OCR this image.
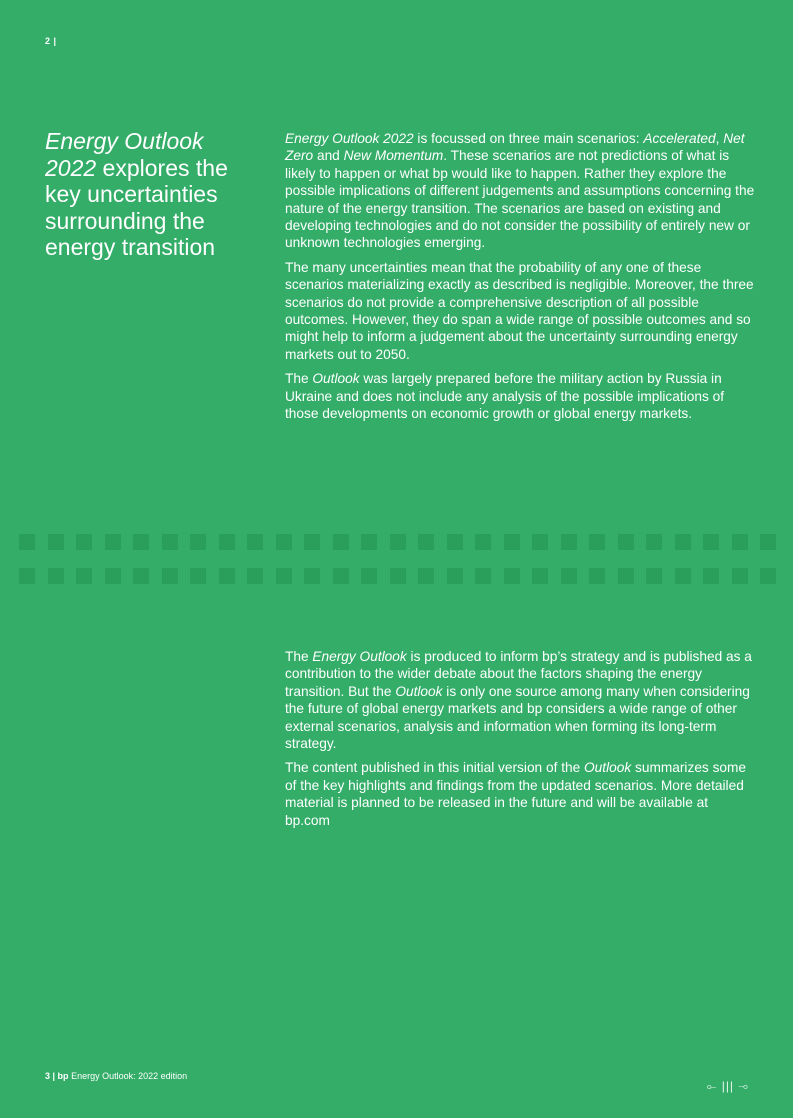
2 |
Energy Outlook 2022 explores the key uncertainties surrounding the energy transition

Energy Outlook 2022 is focussed on three main scenarios: Accelerated, Net Zero and New Momentum. These scenarios are not predictions of what is likely to happen or what bp would like to happen. Rather they explore the possible implications of different judgements and assumptions concerning the nature of the energy transition. The scenarios are based on existing and developing technologies and do not consider the possibility of entirely new or unknown technologies emerging.

The many uncertainties mean that the probability of any one of these scenarios materializing exactly as described is negligible. Moreover, the three scenarios do not provide a comprehensive description of all possible outcomes. However, they do span a wide range of possible outcomes and so might help to inform a judgement about the uncertainty surrounding energy markets out to 2050.

The Outlook was largely prepared before the military action by Russia in Ukraine and does not include any analysis of the possible implications of those developments on economic growth or global energy markets.

The Energy Outlook is produced to inform bp’s strategy and is published as a contribution to the wider debate about the factors shaping the energy transition. But the Outlook is only one source among many when considering the future of global energy markets and bp considers a wide range of other external scenarios, analysis and information when forming its long-term strategy.

The content published in this initial version of the Outlook summarizes some of the key highlights and findings from the updated scenarios. More detailed material is planned to be released in the future and will be available at bp.com

3 | bp Energy Outlook: 2022 edition
⟜ ||| ⊸
